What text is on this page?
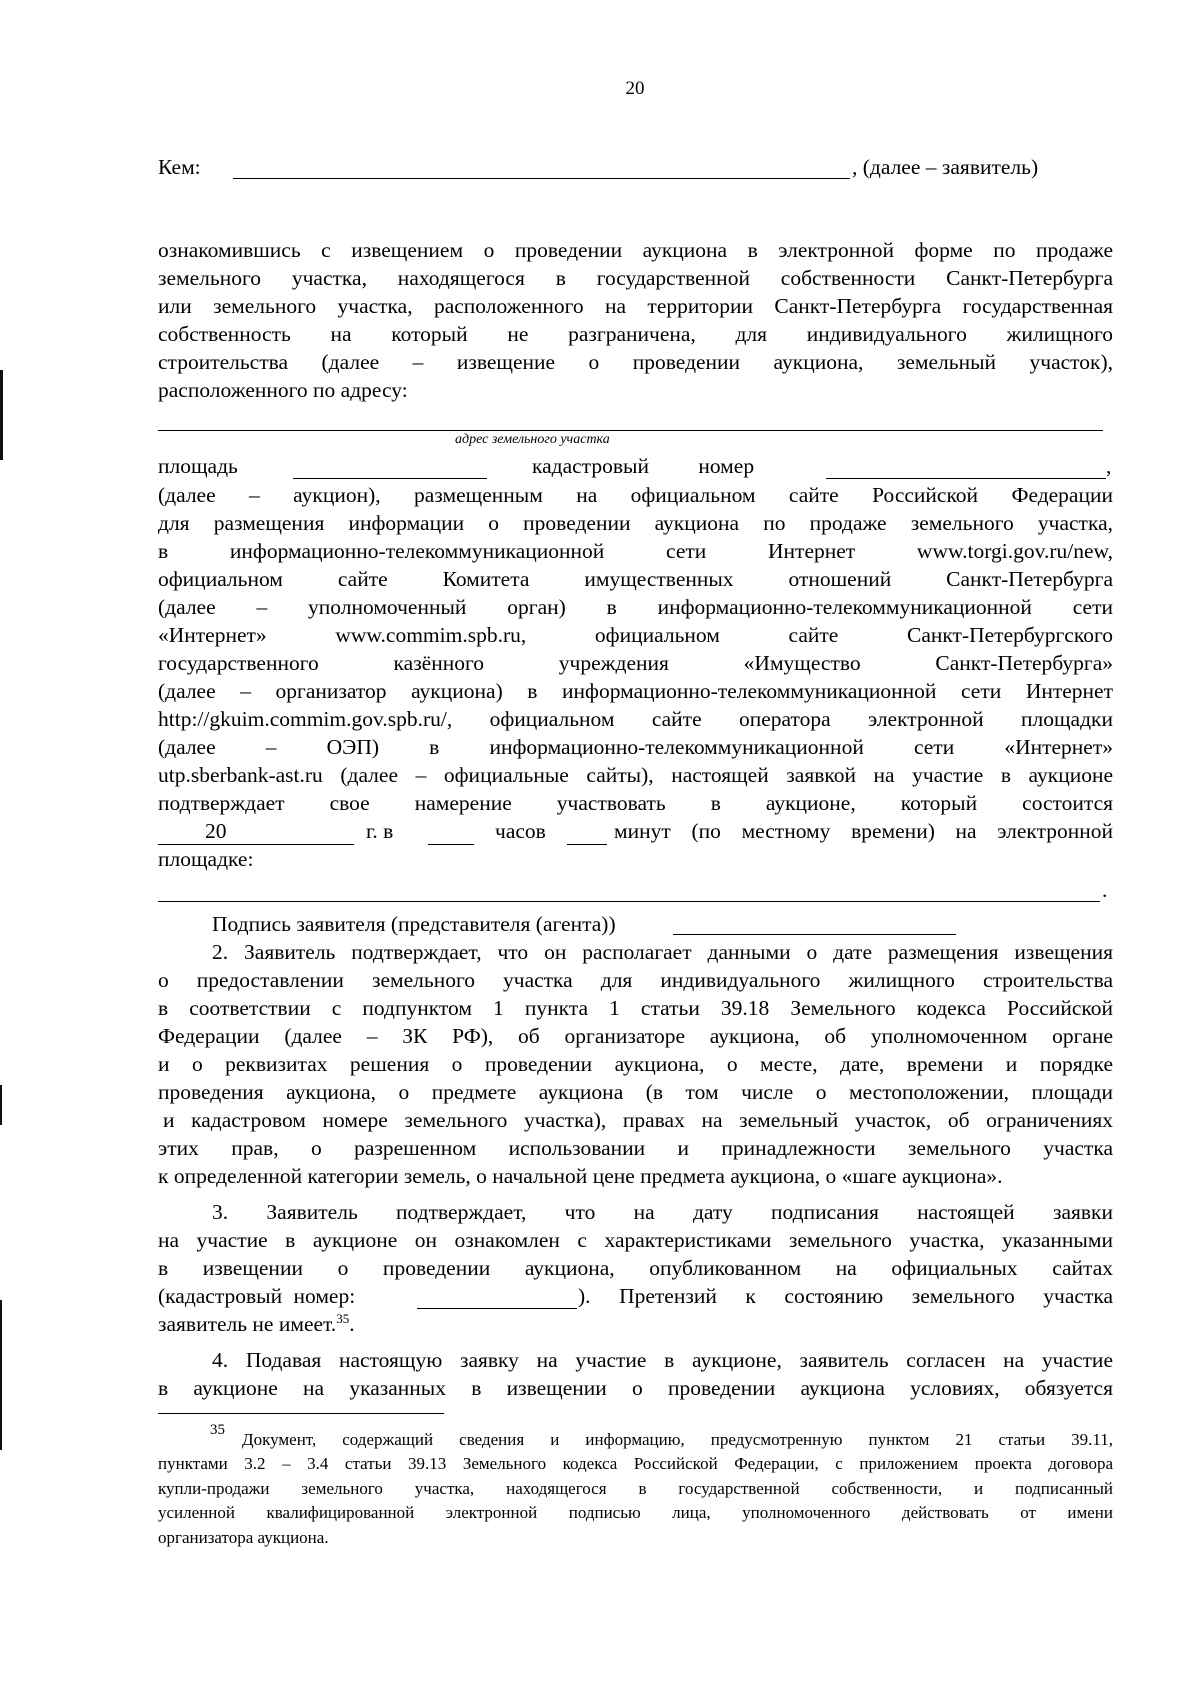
20
Кем:	, (далее – заявитель)
ознакомившись с извещением о проведении аукциона в электронной форме по продаже
земельного участка, находящегося в государственной собственности Санкт-Петербурга
или земельного участка, расположенного на территории Санкт-Петербурга государственная
собственность на который не разграничена, для индивидуального жилищного
строительства (далее – извещение о проведении аукциона, земельный участок),
расположенного по адресу:
адрес земельного участка
площадь	кадастровый номер	,
(далее – аукцион), размещенным на официальном сайте Российской Федерации
для размещения информации о проведении аукциона по продаже земельного участка,
в информационно-телекоммуникационной сети Интернет www.torgi.gov.ru/new,
официальном сайте Комитета имущественных отношений Санкт-Петербурга
(далее – уполномоченный орган) в информационно-телекоммуникационной сети
«Интернет» www.commim.spb.ru, официальном сайте Санкт-Петербургского
государственного казённого учреждения «Имущество Санкт-Петербурга»
(далее – организатор аукциона) в информационно-телекоммуникационной сети Интернет
http://gkuim.commim.gov.spb.ru/, официальном сайте оператора электронной площадки
(далее – ОЭП) в информационно-телекоммуникационной сети «Интернет»
utp.sberbank-ast.ru (далее – официальные сайты), настоящей заявкой на участие в аукционе
подтверждает свое намерение участвовать в аукционе, который состоится
20	г. в	часов	минут (по местному времени) на электронной
площадке:
.
Подпись заявителя (представителя (агента))
2. Заявитель подтверждает, что он располагает данными о дате размещения извещения
о предоставлении земельного участка для индивидуального жилищного строительства
в соответствии с подпунктом 1 пункта 1 статьи 39.18 Земельного кодекса Российской
Федерации (далее – ЗК РФ), об организаторе аукциона, об уполномоченном органе
и о реквизитах решения о проведении аукциона, о месте, дате, времени и порядке
проведения аукциона, о предмете аукциона (в том числе о местоположении, площади
и кадастровом номере земельного участка), правах на земельный участок, об ограничениях
этих прав, о разрешенном использовании и принадлежности земельного участка
к определенной категории земель, о начальной цене предмета аукциона, о «шаге аукциона».
3. Заявитель подтверждает, что на дату подписания настоящей заявки
на участие в аукционе он ознакомлен с характеристиками земельного участка, указанными
в извещении о проведении аукциона, опубликованном на официальных сайтах
(кадастровый номер:	). Претензий к состоянию земельного участка
заявитель не имеет.$^{35}$.
4. Подавая настоящую заявку на участие в аукционе, заявитель согласен на участие
в аукционе на указанных в извещении о проведении аукциона условиях, обязуется
35 Документ, содержащий сведения и информацию, предусмотренную пунктом 21 статьи 39.11,
пунктами 3.2 – 3.4 статьи 39.13 Земельного кодекса Российской Федерации, с приложением проекта договора
купли-продажи земельного участка, находящегося в государственной собственности, и подписанный
усиленной квалифицированной электронной подписью лица, уполномоченного действовать от имени
организатора аукциона.
